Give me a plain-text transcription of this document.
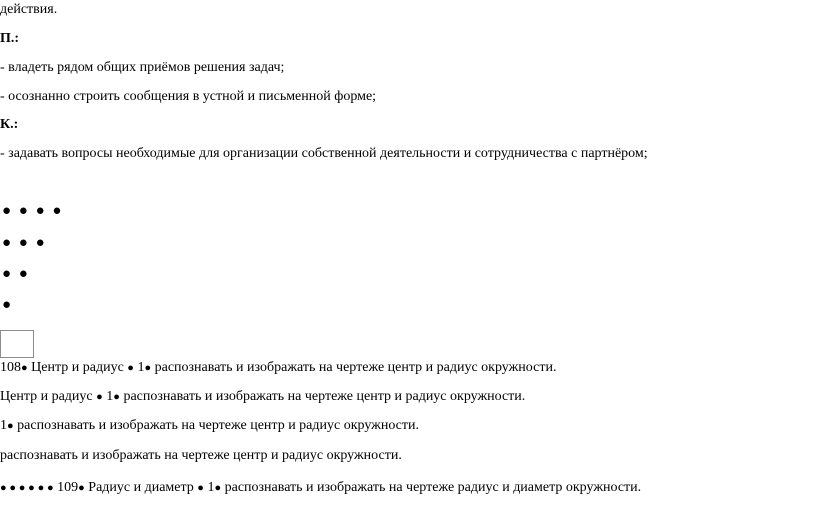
действия.
П.:
- владеть рядом общих приёмов решения задач;
- осознанно строить сообщения в устной и письменной форме;
К.:
- задавать вопросы необходимые для организации собственной деятельности и сотрудничества с партнёром;
● ● ● ●
● ● ●
● ●
●
108● Центр и радиус ● 1● распознавать и изображать на чертеже центр и радиус окружности.
Центр и радиус ● 1● распознавать и изображать на чертеже центр и радиус окружности.
1● распознавать и изображать на чертеже центр и радиус окружности.
распознавать и изображать на чертеже центр и радиус окружности.
● ● ● ● ● ● 109● Радиус и диаметр ● 1● распознавать и изображать на чертеже радиус и диаметр окружности.
